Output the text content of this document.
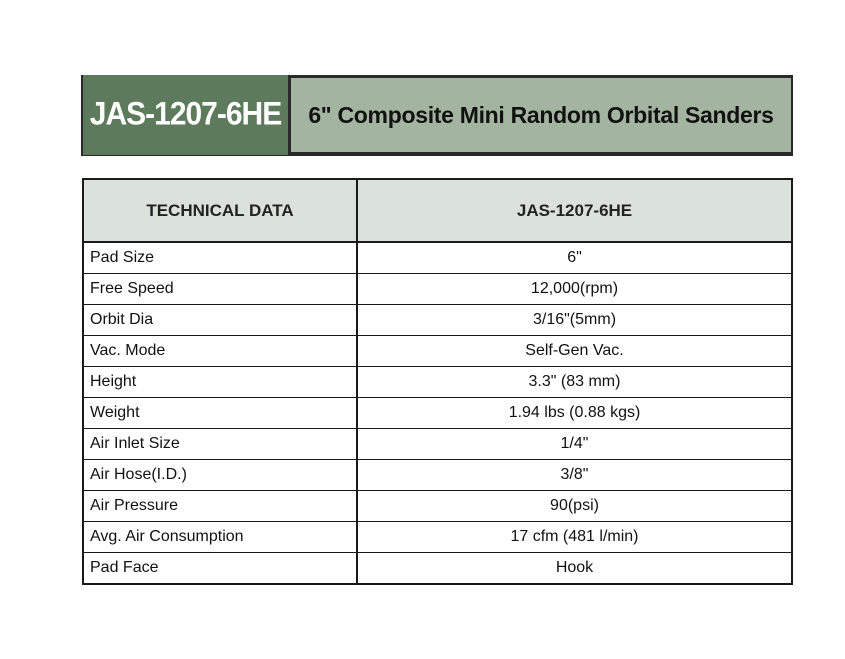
JAS-1207-6HE	6" Composite Mini Random Orbital Sanders
TECHNICAL DATA	JAS-1207-6HE
Pad Size	6"
Free Speed	12,000(rpm)
Orbit Dia	3/16"(5mm)
Vac. Mode	Self-Gen Vac.
Height	3.3" (83 mm)
Weight	1.94 lbs (0.88 kgs)
Air Inlet Size	1/4"
Air Hose(I.D.)	3/8"
Air Pressure	90(psi)
Avg. Air Consumption	17 cfm (481 l/min)
Pad Face	Hook
